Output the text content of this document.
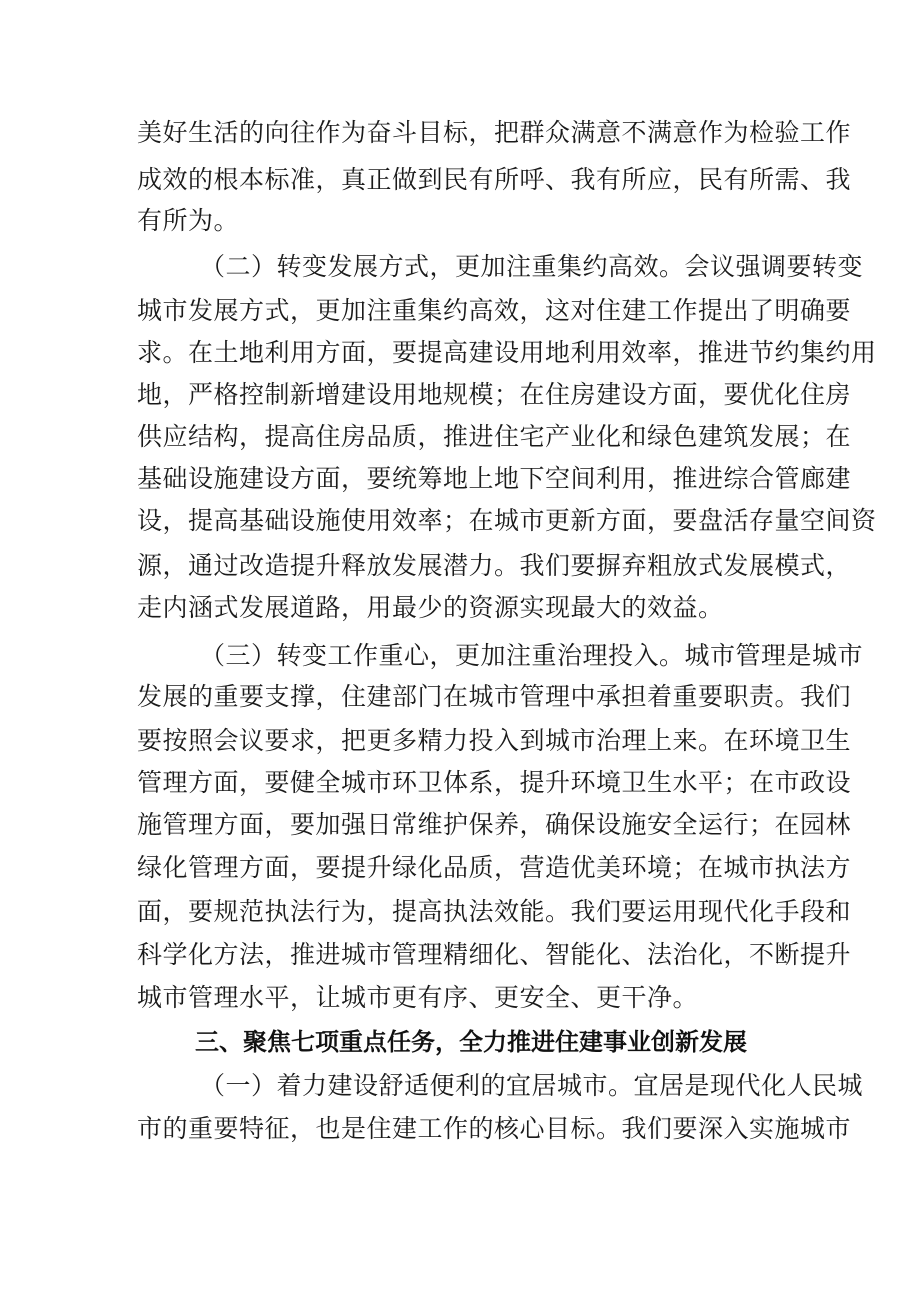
美好生活的向往作为奋斗目标，把群众满意不满意作为检验工作
成效的根本标准，真正做到民有所呼、我有所应，民有所需、我
有所为。
（二）转变发展方式，更加注重集约高效。会议强调要转变
城市发展方式，更加注重集约高效，这对住建工作提出了明确要
求。在土地利用方面，要提高建设用地利用效率，推进节约集约用
地，严格控制新增建设用地规模；在住房建设方面，要优化住房
供应结构，提高住房品质，推进住宅产业化和绿色建筑发展；在
基础设施建设方面，要统筹地上地下空间利用，推进综合管廊建
设，提高基础设施使用效率；在城市更新方面，要盘活存量空间资
源，通过改造提升释放发展潜力。我们要摒弃粗放式发展模式，
走内涵式发展道路，用最少的资源实现最大的效益。
（三）转变工作重心，更加注重治理投入。城市管理是城市
发展的重要支撑，住建部门在城市管理中承担着重要职责。我们
要按照会议要求，把更多精力投入到城市治理上来。在环境卫生
管理方面，要健全城市环卫体系，提升环境卫生水平；在市政设
施管理方面，要加强日常维护保养，确保设施安全运行；在园林
绿化管理方面，要提升绿化品质，营造优美环境；在城市执法方
面，要规范执法行为，提高执法效能。我们要运用现代化手段和
科学化方法，推进城市管理精细化、智能化、法治化，不断提升
城市管理水平，让城市更有序、更安全、更干净。
三、聚焦七项重点任务，全力推进住建事业创新发展
（一）着力建设舒适便利的宜居城市。宜居是现代化人民城
市的重要特征，也是住建工作的核心目标。我们要深入实施城市
